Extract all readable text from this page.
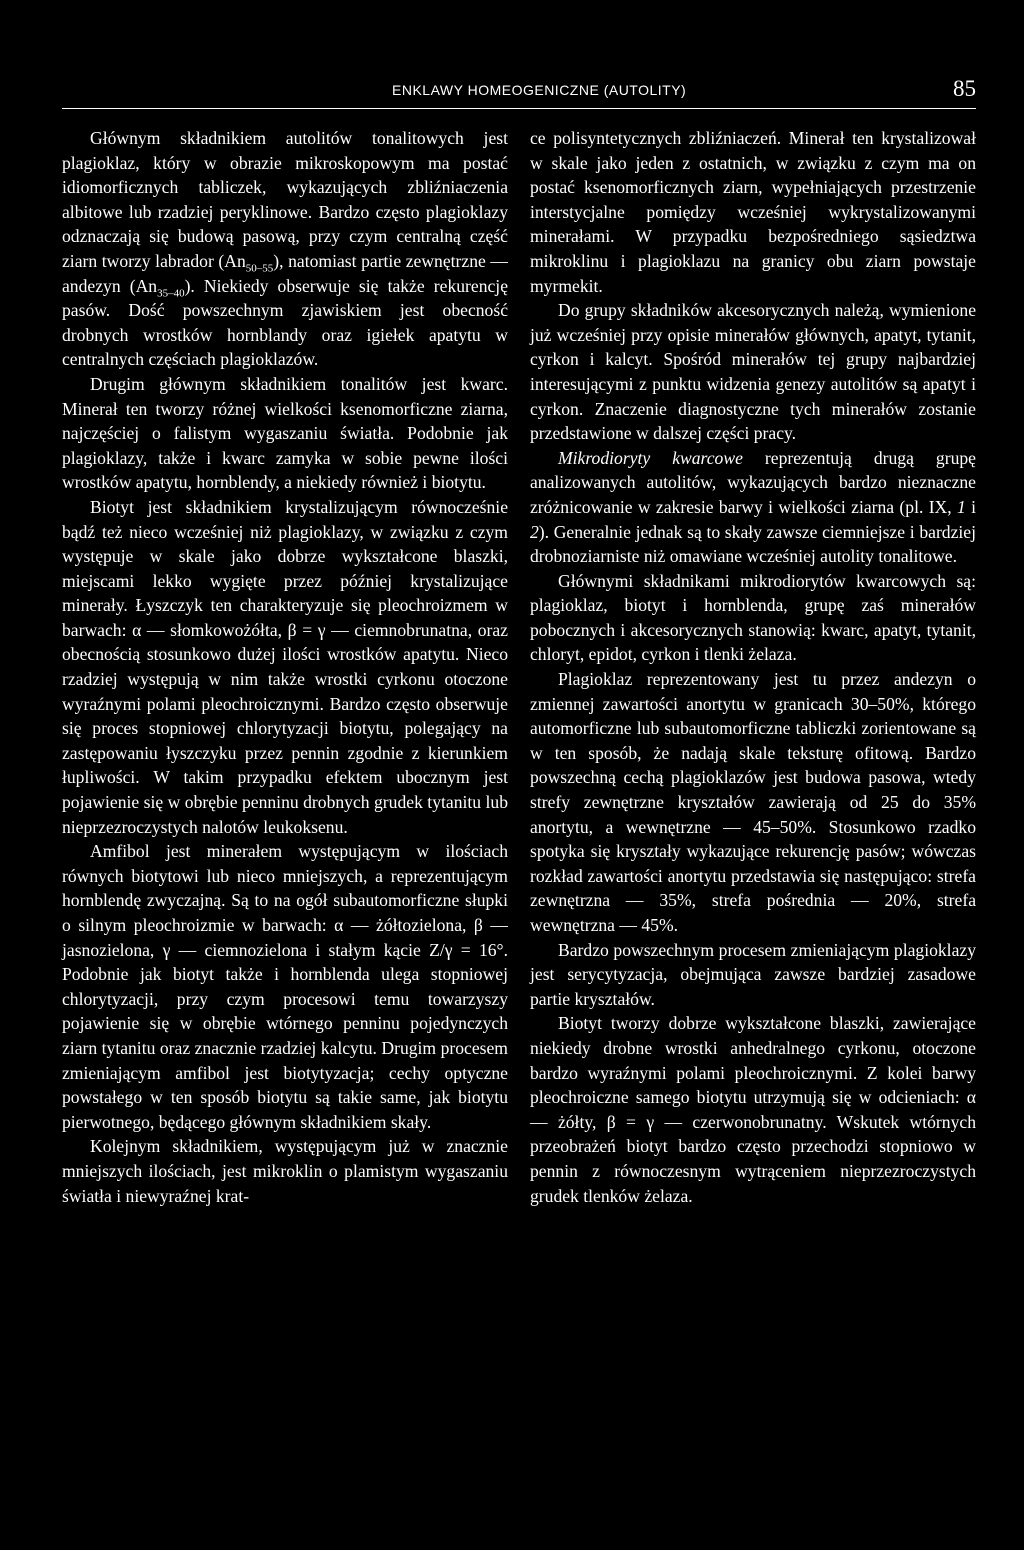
ENKLAWY HOMEOGENICZNE (AUTOLITY)	85

Głównym składnikiem autolitów tonalitowych jest plagioklaz, który w obrazie mikroskopowym ma postać idiomorficznych tabliczek, wykazujących zbliźniaczenia albitowe lub rzadziej peryklinowe. Bardzo często plagioklazy odznaczają się budową pasową, przy czym centralną część ziarn tworzy labrador $(An_{50-55})$, natomiast partie zewnętrzne — andezyn $(An_{35-40})$. Niekiedy obserwuje się także rekurencję pasów. Dość powszechnym zjawiskiem jest obecność drobnych wrostków hornblandy oraz igiełek apatytu w centralnych częściach plagioklazów.

Drugim głównym składnikiem tonalitów jest kwarc. Minerał ten tworzy różnej wielkości ksenomorficzne ziarna, najczęściej o falistym wygaszaniu światła. Podobnie jak plagioklazy, także i kwarc zamyka w sobie pewne ilości wrostków apatytu, hornblendy, a niekiedy również i biotytu.

Biotyt jest składnikiem krystalizującym równocześnie bądź też nieco wcześniej niż plagioklazy, w związku z czym występuje w skale jako dobrze wykształcone blaszki, miejscami lekko wygięte przez później krystalizujące minerały. Łyszczyk ten charakteryzuje się pleochroizmem w barwach: α — słomkowożółta, β = γ — ciemnobrunatna, oraz obecnością stosunkowo dużej ilości wrostków apatytu. Nieco rzadziej występują w nim także wrostki cyrkonu otoczone wyraźnymi polami pleochroicznymi. Bardzo często obserwuje się proces stopniowej chlorytyzacji biotytu, polegający na zastępowaniu łyszczyku przez pennin zgodnie z kierunkiem łupliwości. W takim przypadku efektem ubocznym jest pojawienie się w obrębie penninu drobnych grudek tytanitu lub nieprzezroczystych nalotów leukoksenu.

Amfibol jest minerałem występującym w ilościach równych biotytowi lub nieco mniejszych, a reprezentującym hornblendę zwyczajną. Są to na ogół subautomorficzne słupki o silnym pleochroizmie w barwach: α — żółtozielona, β — jasnozielona, γ — ciemnozielona i stałym kącie Z/γ = 16°. Podobnie jak biotyt także i hornblenda ulega stopniowej chlorytyzacji, przy czym procesowi temu towarzyszy pojawienie się w obrębie wtórnego penninu pojedynczych ziarn tytanitu oraz znacznie rzadziej kalcytu. Drugim procesem zmieniającym amfibol jest biotytyzacja; cechy optyczne powstałego w ten sposób biotytu są takie same, jak biotytu pierwotnego, będącego głównym składnikiem skały.

Kolejnym składnikiem, występującym już w znacznie mniejszych ilościach, jest mikroklin o plamistym wygaszaniu światła i niewyraźnej krat-

ce polisyntetycznych zbliźniaczeń. Minerał ten krystalizował w skale jako jeden z ostatnich, w związku z czym ma on postać ksenomorficznych ziarn, wypełniających przestrzenie interstycjalne pomiędzy wcześniej wykrystalizowanymi minerałami. W przypadku bezpośredniego sąsiedztwa mikroklinu i plagioklazu na granicy obu ziarn powstaje myrmekit.

Do grupy składników akcesorycznych należą, wymienione już wcześniej przy opisie minerałów głównych, apatyt, tytanit, cyrkon i kalcyt. Spośród minerałów tej grupy najbardziej interesującymi z punktu widzenia genezy autolitów są apatyt i cyrkon. Znaczenie diagnostyczne tych minerałów zostanie przedstawione w dalszej części pracy.

Mikrodioryty kwarcowe reprezentują drugą grupę analizowanych autolitów, wykazujących bardzo nieznaczne zróżnicowanie w zakresie barwy i wielkości ziarna (pl. IX, 1 i 2). Generalnie jednak są to skały zawsze ciemniejsze i bardziej drobnoziarniste niż omawiane wcześniej autolity tonalitowe.

Głównymi składnikami mikrodiorytów kwarcowych są: plagioklaz, biotyt i hornblenda, grupę zaś minerałów pobocznych i akcesorycznych stanowią: kwarc, apatyt, tytanit, chloryt, epidot, cyrkon i tlenki żelaza.

Plagioklaz reprezentowany jest tu przez andezyn o zmiennej zawartości anortytu w granicach 30–50%, którego automorficzne lub subautomorficzne tabliczki zorientowane są w ten sposób, że nadają skale teksturę ofitową. Bardzo powszechną cechą plagioklazów jest budowa pasowa, wtedy strefy zewnętrzne kryształów zawierają od 25 do 35% anortytu, a wewnętrzne — 45–50%. Stosunkowo rzadko spotyka się kryształy wykazujące rekurencję pasów; wówczas rozkład zawartości anortytu przedstawia się następująco: strefa zewnętrzna — 35%, strefa pośrednia — 20%, strefa wewnętrzna — 45%.

Bardzo powszechnym procesem zmieniającym plagioklazy jest serycytyzacja, obejmująca zawsze bardziej zasadowe partie kryształów.

Biotyt tworzy dobrze wykształcone blaszki, zawierające niekiedy drobne wrostki anhedralnego cyrkonu, otoczone bardzo wyraźnymi polami pleochroicznymi. Z kolei barwy pleochroiczne samego biotytu utrzymują się w odcieniach: α — żółty, β = γ — czerwonobrunatny. Wskutek wtórnych przeobrażeń biotyt bardzo często przechodzi stopniowo w pennin z równoczesnym wytrąceniem nieprzezroczystych grudek tlenków żelaza.
